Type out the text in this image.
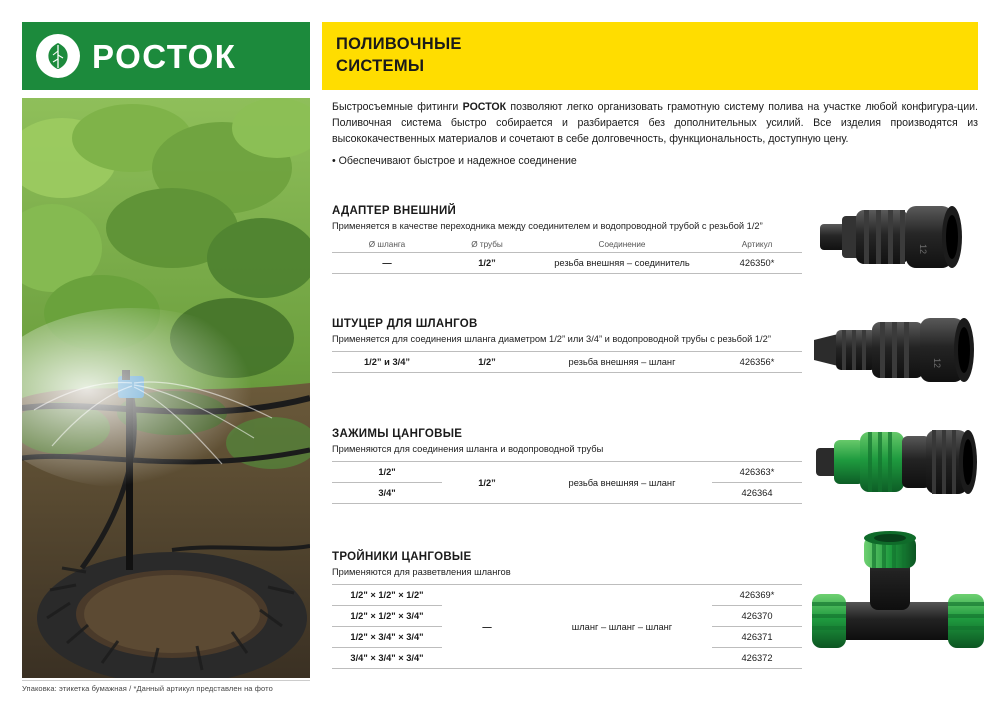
РОСТОК
Упаковка: этикетка бумажная / *Данный артикул представлен на фото
ПОЛИВОЧНЫЕ
СИСТЕМЫ
Быстросъемные фитинги РОСТОК позволяют легко организовать грамотную систему полива на участке любой конфигура-ции. Поливочная система быстро собирается и разбирается без дополнительных усилий. Все изделия производятся из высококачественных материалов и сочетают в себе долговечность, функциональность, доступную цену.
• Обеспечивают быстрое и надежное соединение
АДАПТЕР ВНЕШНИЙ
Применяется в качестве переходника между соединителем и водопроводной трубой с резьбой 1/2”
Ø шланга	Ø трубы	Соединение	Артикул
—	1/2”	резьба внешняя – соединитель	426350*
12
ШТУЦЕР ДЛЯ ШЛАНГОВ
Применяется для соединения шланга диаметром 1/2” или 3/4” и водопроводной трубы с резьбой 1/2”
1/2” и 3/4”	1/2”	резьба внешняя – шланг	426356*	12
ЗАЖИМЫ ЦАНГОВЫЕ
Применяются для соединения шланга и водопроводной трубы
1/2"	1/2”	резьба внешняя – шланг	426363*
3/4"			426364
ТРОЙНИКИ ЦАНГОВЫЕ
Применяются для разветвления шлангов
1/2" × 1/2" × 1/2"	—	шланг – шланг – шланг	426369*
1/2" × 1/2" × 3/4"			426370
1/2" × 3/4" × 3/4"			426371
3/4" × 3/4" × 3/4"			426372
